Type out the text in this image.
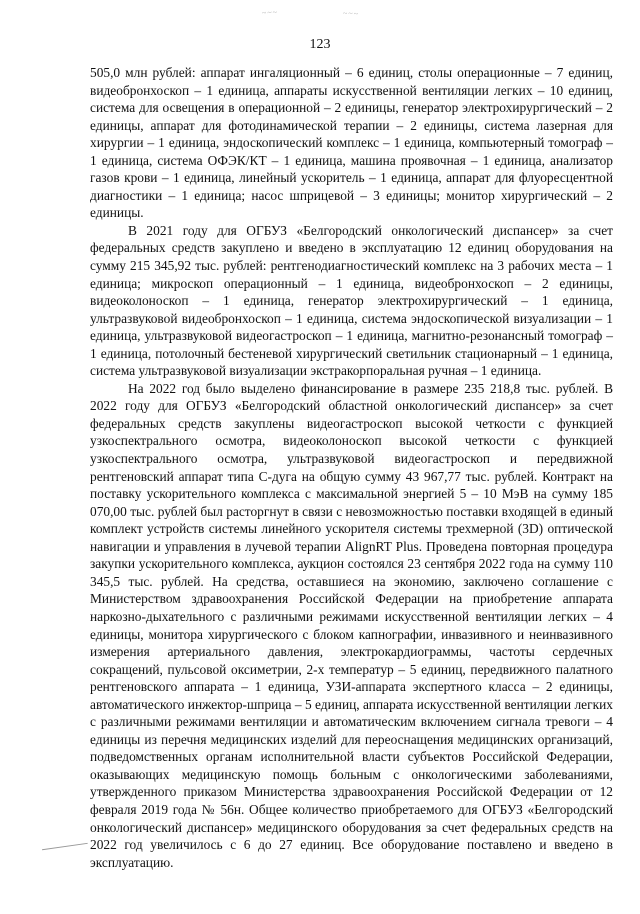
~~~	~~~
123

505,0 млн рублей: аппарат ингаляционный – 6 единиц, столы операционные – 7 единиц, видеобронхоскоп – 1 единица, аппараты искусственной вентиляции легких – 10 единиц, система для освещения в операционной – 2 единицы, генератор электрохирургический – 2 единицы, аппарат для фотодинамической терапии – 2 единицы, система лазерная для хирургии – 1 единица, эндоскопический комплекс – 1 единица, компьютерный томограф – 1 единица, система ОФЭК/КТ – 1 единица, машина проявочная – 1 единица, анализатор газов крови – 1 единица, линейный ускоритель – 1 единица, аппарат для флуоресцентной диагностики – 1 единица; насос шприцевой – 3 единицы; монитор хирургический – 2 единицы.

В 2021 году для ОГБУЗ «Белгородский онкологический диспансер» за счет федеральных средств закуплено и введено в эксплуатацию 12 единиц оборудования на сумму 215 345,92 тыс. рублей: рентгенодиагностический комплекс на 3 рабочих места – 1 единица; микроскоп операционный – 1 единица, видеобронхоскоп – 2 единицы, видеоколоноскоп – 1 единица, генератор электрохирургический – 1 единица, ультразвуковой видеобронхоскоп – 1 единица, система эндоскопической визуализации – 1 единица, ультразвуковой видеогастроскоп – 1 единица, магнитно-резонансный томограф – 1 единица, потолочный бестеневой хирургический светильник стационарный – 1 единица, система ультразвуковой визуализации экстракорпоральная ручная – 1 единица.

На 2022 год было выделено финансирование в размере 235 218,8 тыс. рублей. В 2022 году для ОГБУЗ «Белгородский областной онкологический диспансер» за счет федеральных средств закуплены видеогастроскоп высокой четкости с функцией узкоспектрального осмотра, видеоколоноскоп высокой четкости с функцией узкоспектрального осмотра, ультразвуковой видеогастроскоп и передвижной рентгеновский аппарат типа С-дуга на общую сумму 43 967,77 тыс. рублей. Контракт на поставку ускорительного комплекса с максимальной энергией 5 – 10 МэВ на сумму 185 070,00 тыс. рублей был расторгнут в связи с невозможностью поставки входящей в единый комплект устройств системы линейного ускорителя системы трехмерной (3D) оптической навигации и управления в лучевой терапии AlignRT Plus. Проведена повторная процедура закупки ускорительного комплекса, аукцион состоялся 23 сентября 2022 года на сумму 110 345,5 тыс. рублей. На средства, оставшиеся на экономию, заключено соглашение с Министерством здравоохранения Российской Федерации на приобретение аппарата наркозно-дыхательного с различными режимами искусственной вентиляции легких – 4 единицы, монитора хирургического с блоком капнографии, инвазивного и неинвазивного измерения артериального давления, электрокардиограммы, частоты сердечных сокращений, пульсовой оксиметрии, 2-х температур – 5 единиц, передвижного палатного рентгеновского аппарата – 1 единица, УЗИ-аппарата экспертного класса – 2 единицы, автоматического инжектор-шприца – 5 единиц, аппарата искусственной вентиляции легких с различными режимами вентиляции и автоматическим включением сигнала тревоги – 4 единицы из перечня медицинских изделий для переоснащения медицинских организаций, подведомственных органам исполнительной власти субъектов Российской Федерации, оказывающих медицинскую помощь больным с онкологическими заболеваниями, утвержденного приказом Министерства здравоохранения Российской Федерации от 12 февраля 2019 года № 56н. Общее количество приобретаемого для ОГБУЗ «Белгородский онкологический диспансер» медицинского оборудования за счет федеральных средств на 2022 год увеличилось с 6 до 27 единиц. Все оборудование поставлено и введено в эксплуатацию.
